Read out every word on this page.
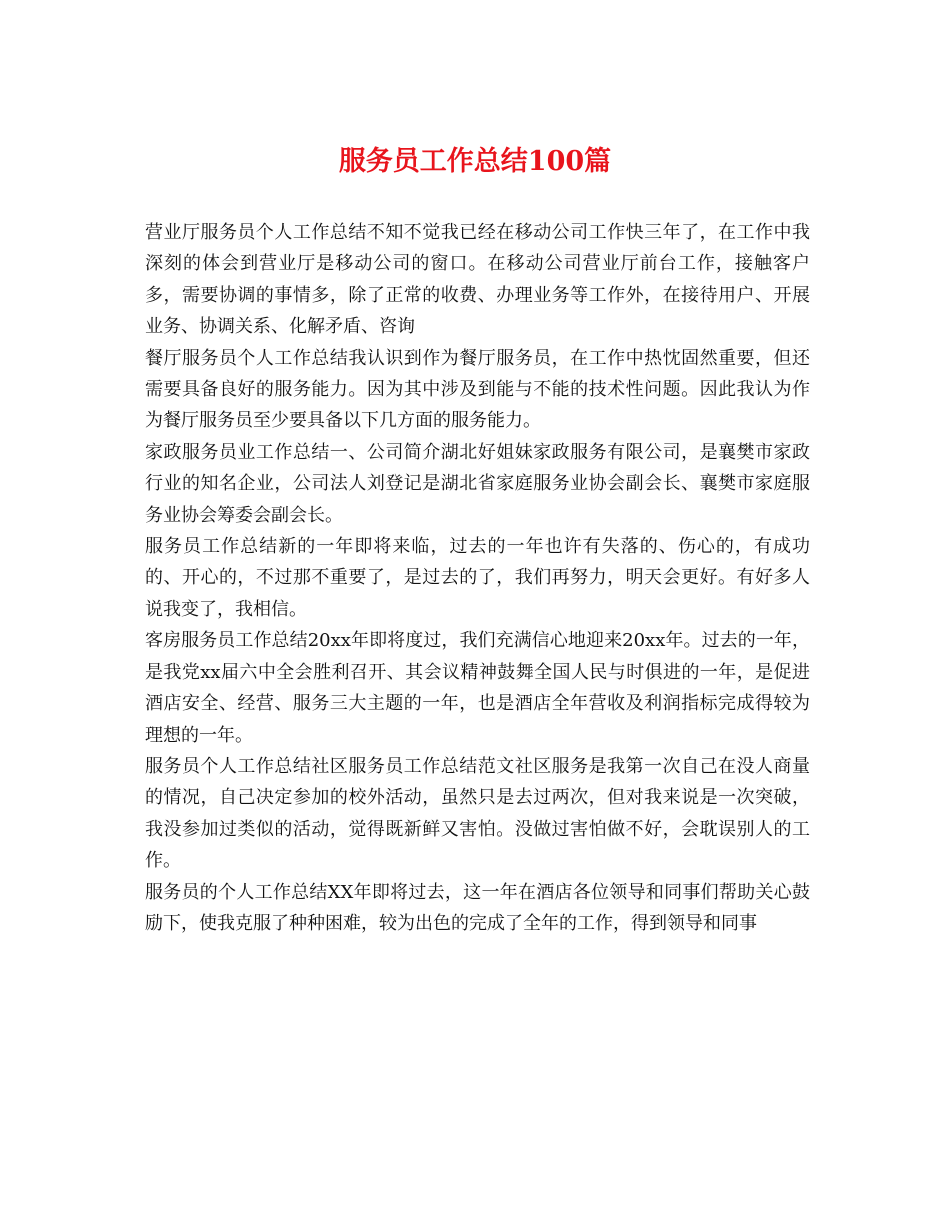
服务员工作总结100篇

营业厅服务员个人工作总结不知不觉我已经在移动公司工作快三年了，在工作中我深刻的体会到营业厅是移动公司的窗口。在移动公司营业厅前台工作，接触客户多，需要协调的事情多，除了正常的收费、办理业务等工作外，在接待用户、开展业务、协调关系、化解矛盾、咨询

餐厅服务员个人工作总结我认识到作为餐厅服务员，在工作中热忱固然重要，但还需要具备良好的服务能力。因为其中涉及到能与不能的技术性问题。因此我认为作为餐厅服务员至少要具备以下几方面的服务能力。

家政服务员业工作总结一、公司简介湖北好姐妹家政服务有限公司，是襄樊市家政行业的知名企业，公司法人刘登记是湖北省家庭服务业协会副会长、襄樊市家庭服务业协会筹委会副会长。

服务员工作总结新的一年即将来临，过去的一年也许有失落的、伤心的，有成功的、开心的，不过那不重要了，是过去的了，我们再努力，明天会更好。有好多人说我变了，我相信。

客房服务员工作总结20xx年即将度过，我们充满信心地迎来20xx年。过去的一年，是我党xx届六中全会胜利召开、其会议精神鼓舞全国人民与时俱进的一年，是促进酒店安全、经营、服务三大主题的一年，也是酒店全年营收及利润指标完成得较为理想的一年。

服务员个人工作总结社区服务员工作总结范文社区服务是我第一次自己在没人商量的情况，自己决定参加的校外活动，虽然只是去过两次，但对我来说是一次突破，我没参加过类似的活动，觉得既新鲜又害怕。没做过害怕做不好，会耽误别人的工作。

服务员的个人工作总结XX年即将过去，这一年在酒店各位领导和同事们帮助关心鼓励下，使我克服了种种困难，较为出色的完成了全年的工作，得到领导和同事
